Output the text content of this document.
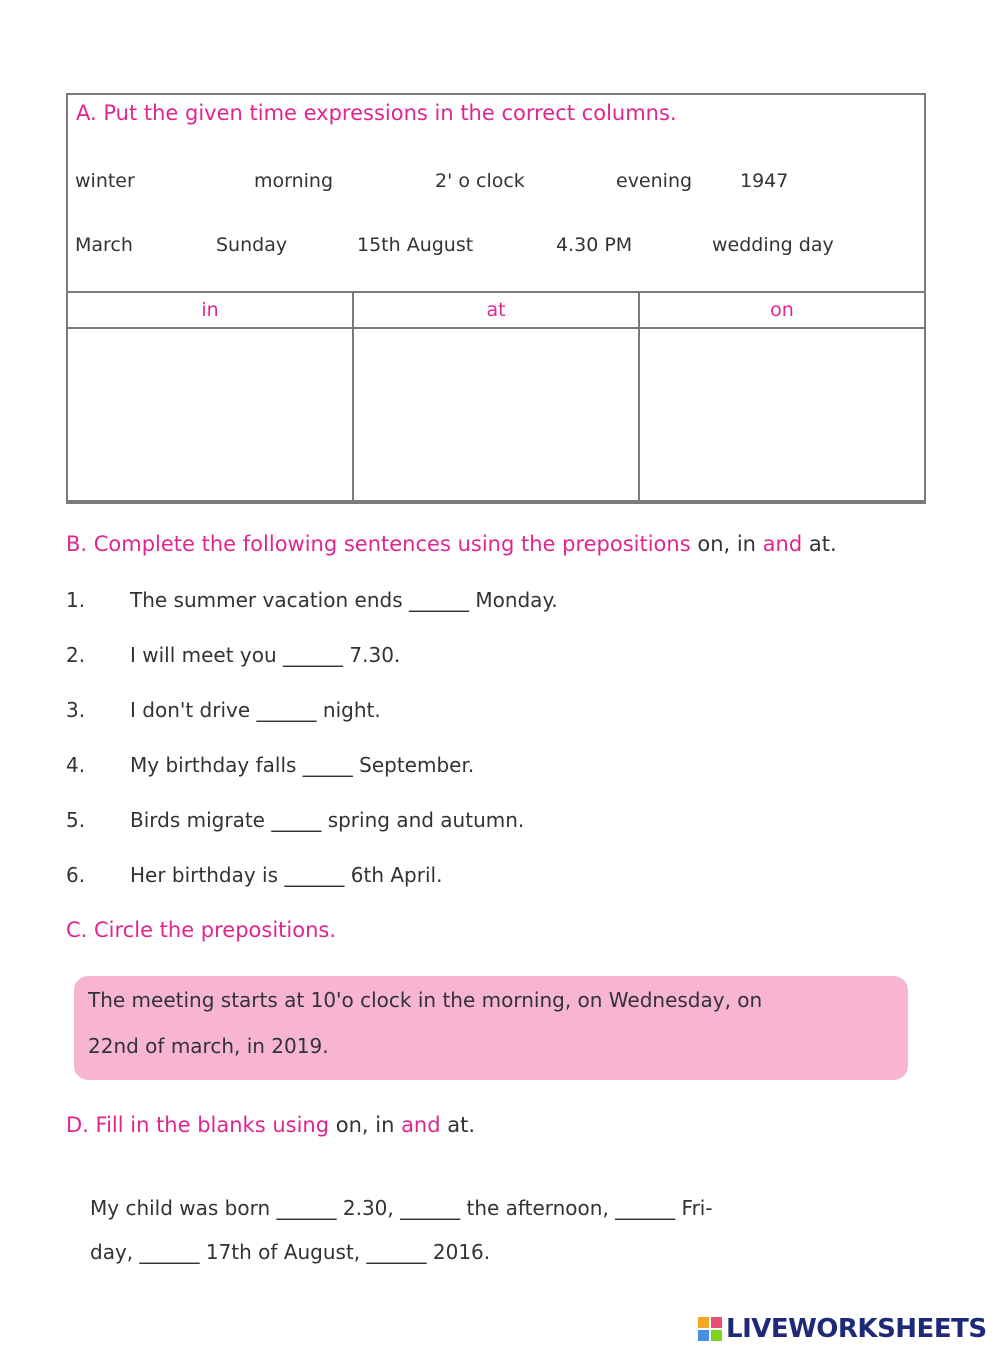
A. Put the given time expressions in the correct columns.
winter	morning	2' o clock	evening	1947
March	Sunday	15th August	4.30 PM	wedding day
in	at	on
B. Complete the following sentences using the prepositions on, in and at.
1. The summer vacation ends ______ Monday.
2. I will meet you ______ 7.30.
3. I don't drive ______ night.
4. My birthday falls _____ September.
5. Birds migrate _____ spring and autumn.
6. Her birthday is ______ 6th April.
C. Circle the prepositions.

The meeting starts at 10'o clock in the morning, on Wednesday, on

22nd of march, in 2019.

D. Fill in the blanks using on, in and at.
My child was born ______ 2.30, ______ the afternoon, ______ Fri-
day, ______ 17th of August, ______ 2016.
LIVEWORKSHEETS
